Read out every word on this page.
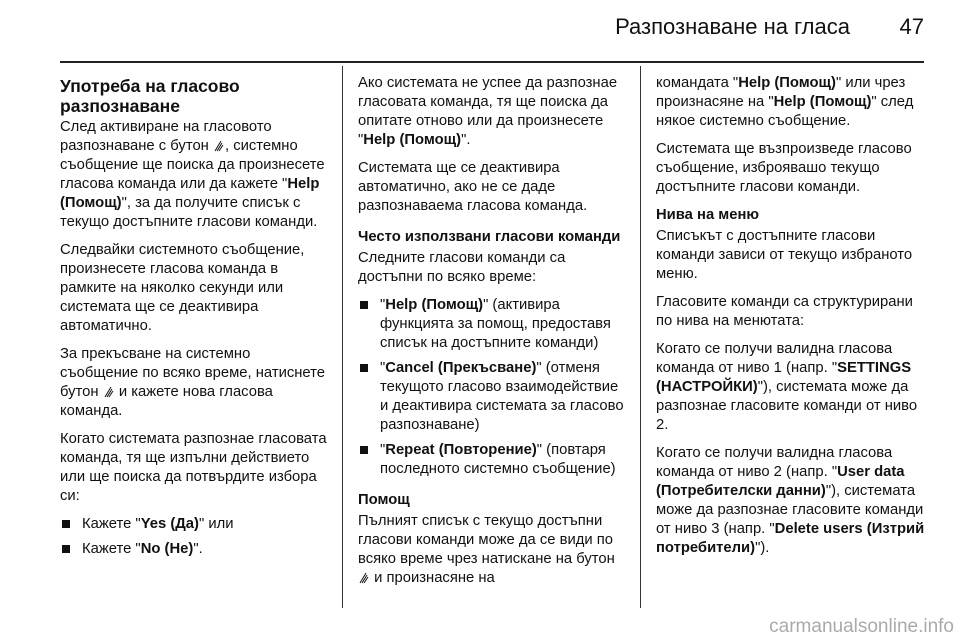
Разпознаване на гласа 47
Употреба на гласово разпознаване

След активиране на гласовото разпознаване с бутон , системно съобщение ще поиска да произнесете гласова команда или да кажете "Help (Помощ)", за да получите списък с текущо достъпните гласови команди.

Следвайки системното съобщение, произнесете гласова команда в рамките на няколко секунди или системата ще се деактивира автоматично.

За прекъсване на системно съобщение по всяко време, натиснете бутон и кажете нова гласова команда.

Когато системата разпознае гласовата команда, тя ще изпълни действието или ще поиска да потвърдите избора си:

Кажете "Yes (Да)" или
Кажете "No (Не)".

Ако системата не успее да разпознае гласовата команда, тя ще поиска да опитате отново или да произнесете "Help (Помощ)".

Системата ще се деактивира автоматично, ако не се даде разпознаваема гласова команда.

Често използвани гласови команди

Следните гласови команди са достъпни по всяко време:

"Help (Помощ)" (активира функцията за помощ, предоставя списък на достъпните команди)
"Cancel (Прекъсване)" (отменя текущото гласово взаимодействие и деактивира системата за гласово разпознаване)
"Repeat (Повторение)" (повтаря последното системно съобщение)
Помощ

Пълният списък с текущо достъпни гласови команди може да се види по всяко време чрез натискане на бутон  и произнасяне на

командата "Help (Помощ)" или чрез произнасяне на "Help (Помощ)" след някое системно съобщение.

Системата ще възпроизведе гласово съобщение, изброявашо текущо достъпните гласови команди.

Нива на меню

Списъкът с достъпните гласови команди зависи от текущо избраното меню.

Гласовите команди са структурирани по нива на менютата:

Когато се получи валидна гласова команда от ниво 1 (напр. "SETTINGS (НАСТРОЙКИ)"), системата може да разпознае гласовите команди от ниво 2.

Когато се получи валидна гласова команда от ниво 2 (напр. "User data (Потребителски данни)"), системата може да разпознае гласовите команди от ниво 3 (напр. "Delete users (Изтрий потребители)").

carmanualsonline.info
